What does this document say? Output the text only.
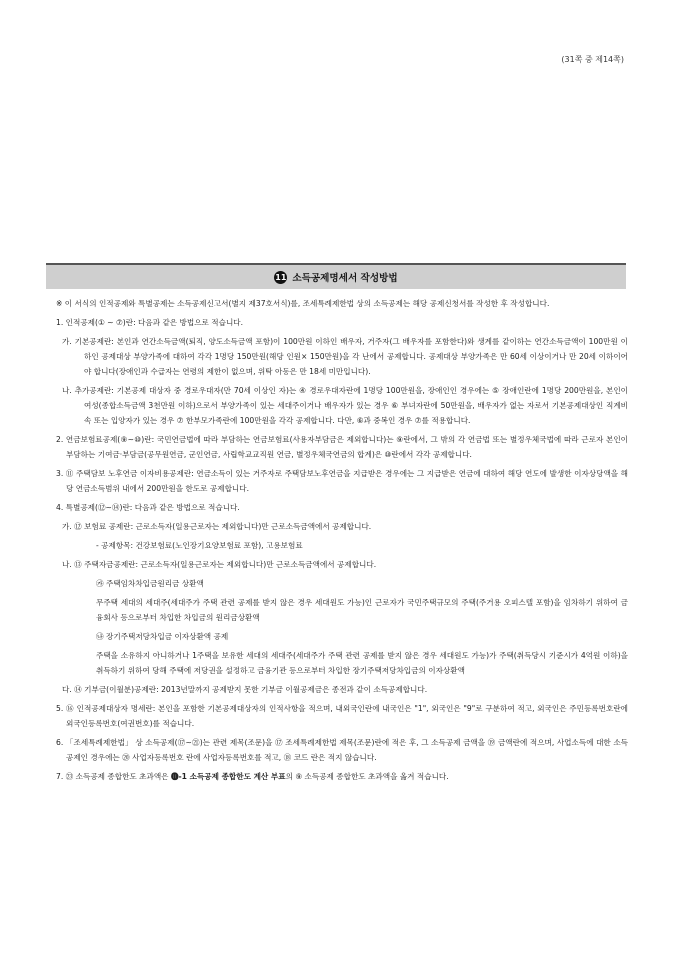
(31쪽 중 제14쪽)
11 소득공제명세서 작성방법

※ 이 서식의 인적공제와 특별공제는 소득공제신고서(별지 제37호서식)를, 조세특례제한법 상의 소득공제는 해당 공제신청서를 작성한 후 작성합니다.

1. 인적공제(① ~ ⑦)란: 다음과 같은 방법으로 적습니다.

가. 기본공제란: 본인과 연간소득금액(퇴직, 양도소득금액 포함)이 100만원 이하인 배우자, 거주자(그 배우자를 포함한다)와 생계를 같이하는 연간소득금액이 100만원 이하인 공제대상 부양가족에 대하여 각각 1명당 150만원(해당 인원× 150만원)을 각 난에서 공제합니다. 공제대상 부양가족은 만 60세 이상이거나 만 20세 이하이어야 합니다(장애인과 수급자는 연령의 제한이 없으며, 위탁 아동은 만 18세 미만입니다).

나. 추가공제란: 기본공제 대상자 중 경로우대자(만 70세 이상인 자)는 ④ 경로우대자란에 1명당 100만원을, 장애인인 경우에는 ⑤ 장애인란에 1명당 200만원을, 본인이 여성(종합소득금액 3천만원 이하)으로서 부양가족이 있는 세대주이거나 배우자가 있는 경우 ⑥ 부녀자란에 50만원을, 배우자가 없는 자로서 기본공제대상인 직계비속 또는 입양자가 있는 경우 ⑦ 한부모가족란에 100만원을 각각 공제합니다. 다만, ⑥과 중복인 경우 ⑦를 적용합니다.

2. 연금보험료공제(⑨~⑩)란: 국민연금법에 따라 부담하는 연금보험료(사용자부담금은 제외합니다)는 ⑨란에서, 그 밖의 각 연금법 또는 별정우체국법에 따라 근로자 본인이 부담하는 기여금·부담금(공무원연금, 군인연금, 사립학교교직원 연금, 별정우체국연금의 합계)은 ⑩란에서 각각 공제합니다.

3. ⑪ 주택담보 노후연금 이자비용공제란: 연금소득이 있는 거주자로 주택담보노후연금을 지급받은 경우에는 그 지급받은 연금에 대하여 해당 연도에 발생한 이자상당액을 해당 연금소득범위 내에서 200만원을 한도로 공제합니다.

4. 특별공제(⑫~⑭)란: 다음과 같은 방법으로 적습니다.

가. ⑫ 보험료 공제란: 근로소득자(일용근로자는 제외합니다)만 근로소득금액에서 공제합니다.

- 공제항목: 건강보험료(노인장기요양보험료 포함), 고용보험료

나. ⑬ 주택자금공제란: 근로소득자(일용근로자는 제외합니다)만 근로소득금액에서 공제합니다.

㉮ 주택임차차입금원리금 상환액

무주택 세대의 세대주(세대주가 주택 관련 공제를 받지 않은 경우 세대원도 가능)인 근로자가 국민주택규모의 주택(주거용 오피스텔 포함)을 임차하기 위하여 금융회사 등으로부터 차입한 차입금의 원리금상환액

㉯ 장기주택저당차입금 이자상환액 공제

주택을 소유하지 아니하거나 1주택을 보유한 세대의 세대주(세대주가 주택 관련 공제를 받지 않은 경우 세대원도 가능)가 주택(취득당시 기준시가 4억원 이하)을 취득하기 위하여 당해 주택에 저당권을 설정하고 금융기관 등으로부터 차입한 장기주택저당차입금의 이자상환액

다. ⑭ 기부금(이월분)공제란: 2013년말까지 공제받지 못한 기부금 이월공제금은 종전과 같이 소득공제합니다.

5. ⑯ 인적공제대상자 명세란: 본인을 포함한 기본공제대상자의 인적사항을 적으며, 내외국인란에 내국인은 "1", 외국인은 "9"로 구분하여 적고, 외국인은 주민등록번호란에 외국인등록번호(여권번호)를 적습니다.

6. 「조세특례제한법」 상 소득공제(⑰~㉑)는 관련 제목(조문)을 ⑰ 조세특례제한법 제목(조문)란에 적은 후, 그 소득공제 금액을 ⑲ 금액란에 적으며, 사업소득에 대한 소득공제인 경우에는 ⑳ 사업자등록번호 란에 사업자등록번호를 적고, ⑱ 코드 란은 적지 않습니다.

7. ㉓ 소득공제 종합한도 초과액은 ⓫-1 소득공제 종합한도 계산 부표의 ⑨ 소득공제 종합한도 초과액을 옮겨 적습니다.
